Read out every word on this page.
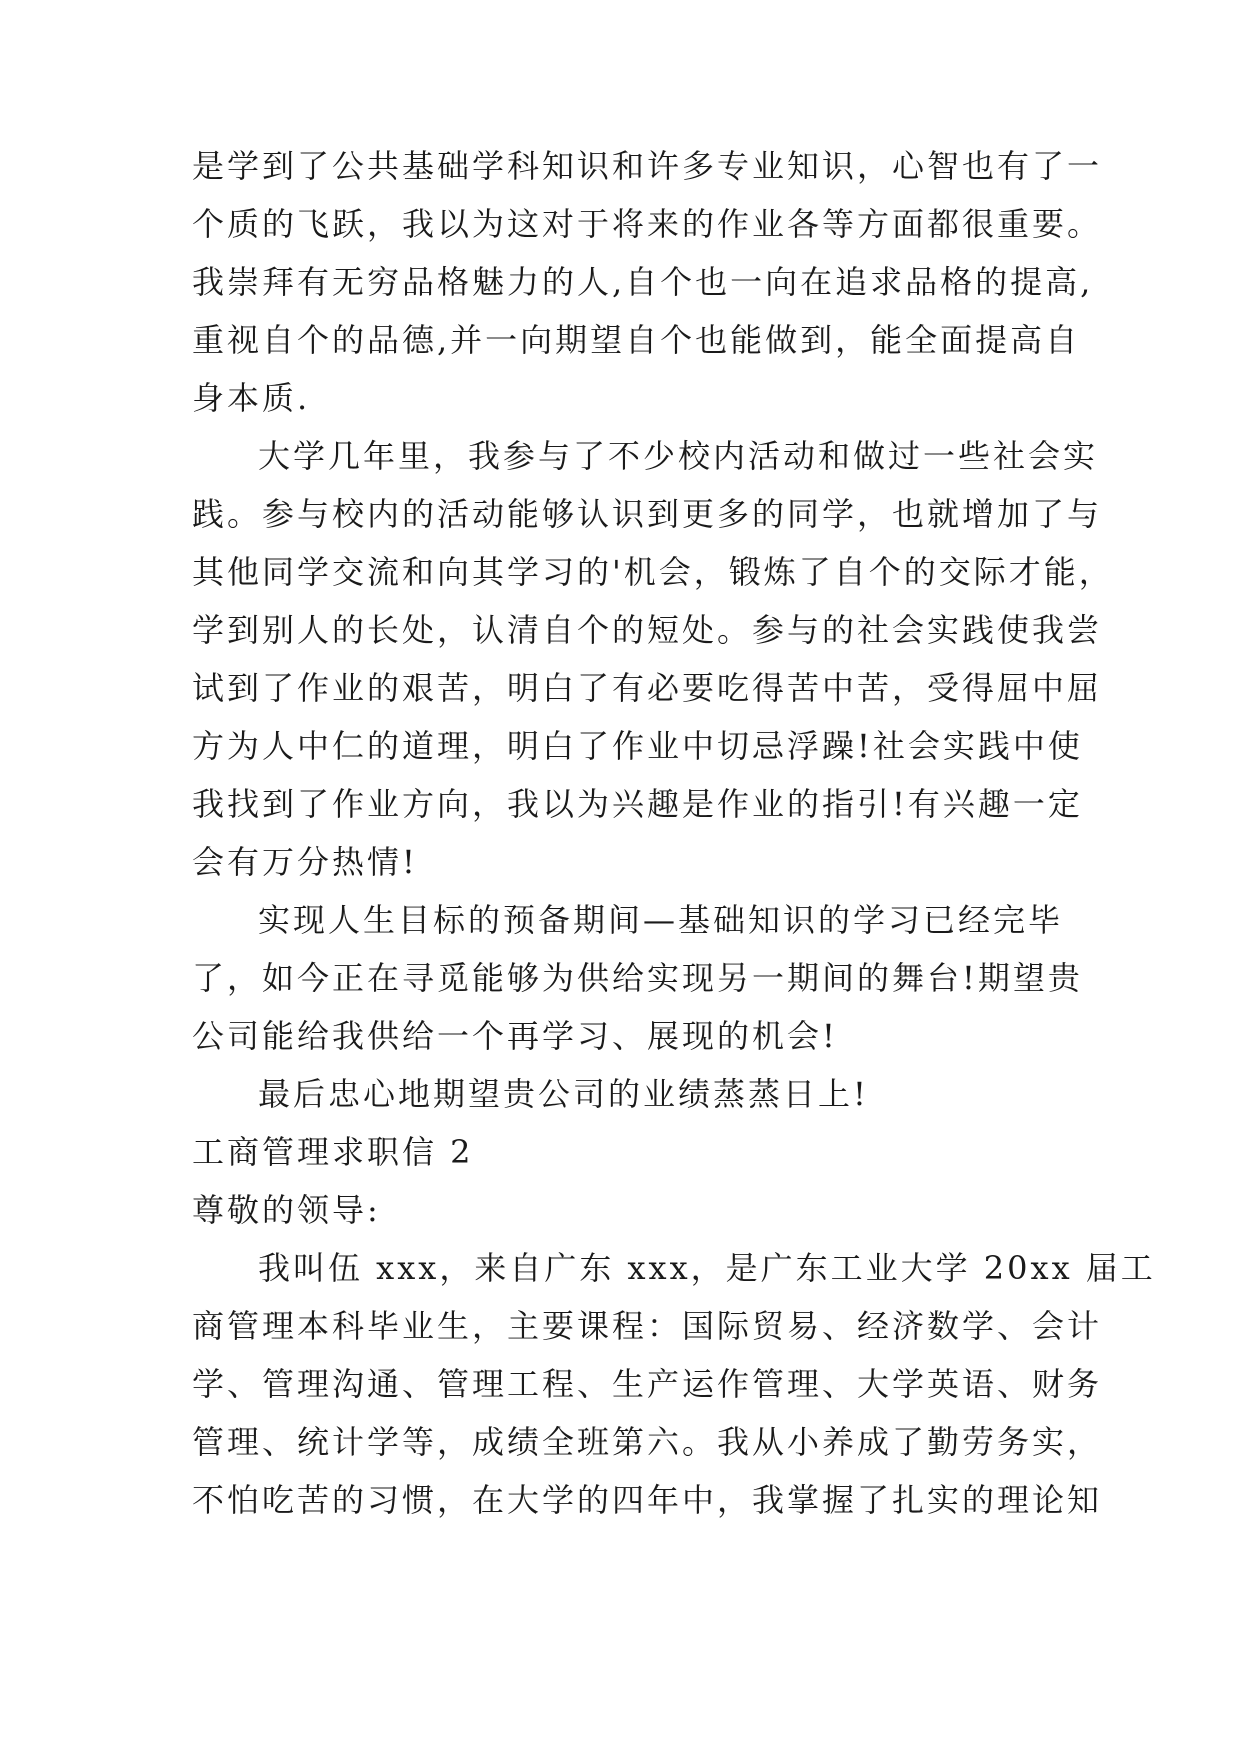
是学到了公共基础学科知识和许多专业知识，心智也有了一
个质的飞跃，我以为这对于将来的作业各等方面都很重要。
我崇拜有无穷品格魅力的人,自个也一向在追求品格的提高,
重视自个的品德,并一向期望自个也能做到，能全面提高自
身本质.
大学几年里，我参与了不少校内活动和做过一些社会实
践。参与校内的活动能够认识到更多的同学，也就增加了与
其他同学交流和向其学习的'机会，锻炼了自个的交际才能，
学到别人的长处，认清自个的短处。参与的社会实践使我尝
试到了作业的艰苦，明白了有必要吃得苦中苦，受得屈中屈
方为人中仁的道理，明白了作业中切忌浮躁!社会实践中使
我找到了作业方向，我以为兴趣是作业的指引!有兴趣一定
会有万分热情!
实现人生目标的预备期间—基础知识的学习已经完毕
了，如今正在寻觅能够为供给实现另一期间的舞台!期望贵
公司能给我供给一个再学习、展现的机会!
最后忠心地期望贵公司的业绩蒸蒸日上!
工商管理求职信 2
尊敬的领导:
我叫伍 xxx，来自广东 xxx，是广东工业大学 20xx 届工
商管理本科毕业生，主要课程：国际贸易、经济数学、会计
学、管理沟通、管理工程、生产运作管理、大学英语、财务
管理、统计学等，成绩全班第六。我从小养成了勤劳务实，
不怕吃苦的习惯，在大学的四年中，我掌握了扎实的理论知
